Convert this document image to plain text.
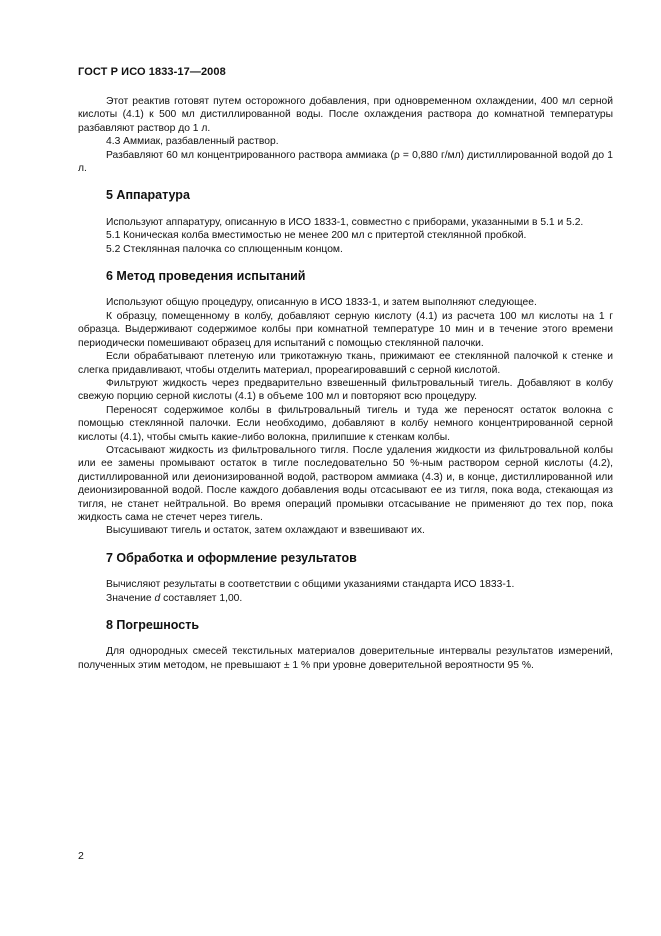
ГОСТ Р ИСО 1833-17—2008

Этот реактив готовят путем осторожного добавления, при одновременном охлаждении, 400 мл серной кислоты (4.1) к 500 мл дистиллированной воды. После охлаждения раствора до комнатной температуры разбавляют раствор до 1 л.

4.3 Аммиак, разбавленный раствор.

Разбавляют 60 мл концентрированного раствора аммиака (ρ = 0,880 г/мл) дистиллированной водой до 1 л.

5 Аппаратура

Используют аппаратуру, описанную в ИСО 1833-1, совместно с приборами, указанными в 5.1 и 5.2.

5.1 Коническая колба вместимостью не менее 200 мл с притертой стеклянной пробкой.

5.2 Стеклянная палочка со сплющенным концом.

6 Метод проведения испытаний

Используют общую процедуру, описанную в ИСО 1833-1, и затем выполняют следующее.

К образцу, помещенному в колбу, добавляют серную кислоту (4.1) из расчета 100 мл кислоты на 1 г образца. Выдерживают содержимое колбы при комнатной температуре 10 мин и в течение этого времени периодически помешивают образец для испытаний с помощью стеклянной палочки.

Если обрабатывают плетеную или трикотажную ткань, прижимают ее стеклянной палочкой к стенке и слегка придавливают, чтобы отделить материал, прореагировавший с серной кислотой.

Фильтруют жидкость через предварительно взвешенный фильтровальный тигель. Добавляют в колбу свежую порцию серной кислоты (4.1) в объеме 100 мл и повторяют всю процедуру.

Переносят содержимое колбы в фильтровальный тигель и туда же переносят остаток волокна с помощью стеклянной палочки. Если необходимо, добавляют в колбу немного концентрированной серной кислоты (4.1), чтобы смыть какие-либо волокна, прилипшие к стенкам колбы.

Отсасывают жидкость из фильтровального тигля. После удаления жидкости из фильтровальной колбы или ее замены промывают остаток в тигле последовательно 50 %-ным раствором серной кислоты (4.2), дистиллированной или деионизированной водой, раствором аммиака (4.3) и, в конце, дистиллированной или деионизированной водой. После каждого добавления воды отсасывают ее из тигля, пока вода, стекающая из тигля, не станет нейтральной. Во время операций промывки отсасывание не применяют до тех пор, пока жидкость сама не стечет через тигель.

Высушивают тигель и остаток, затем охлаждают и взвешивают их.

7 Обработка и оформление результатов

Вычисляют результаты в соответствии с общими указаниями стандарта ИСО 1833-1.

Значение d составляет 1,00.

8 Погрешность

Для однородных смесей текстильных материалов доверительные интервалы результатов измерений, полученных этим методом, не превышают ± 1 % при уровне доверительной вероятности 95 %.

2
